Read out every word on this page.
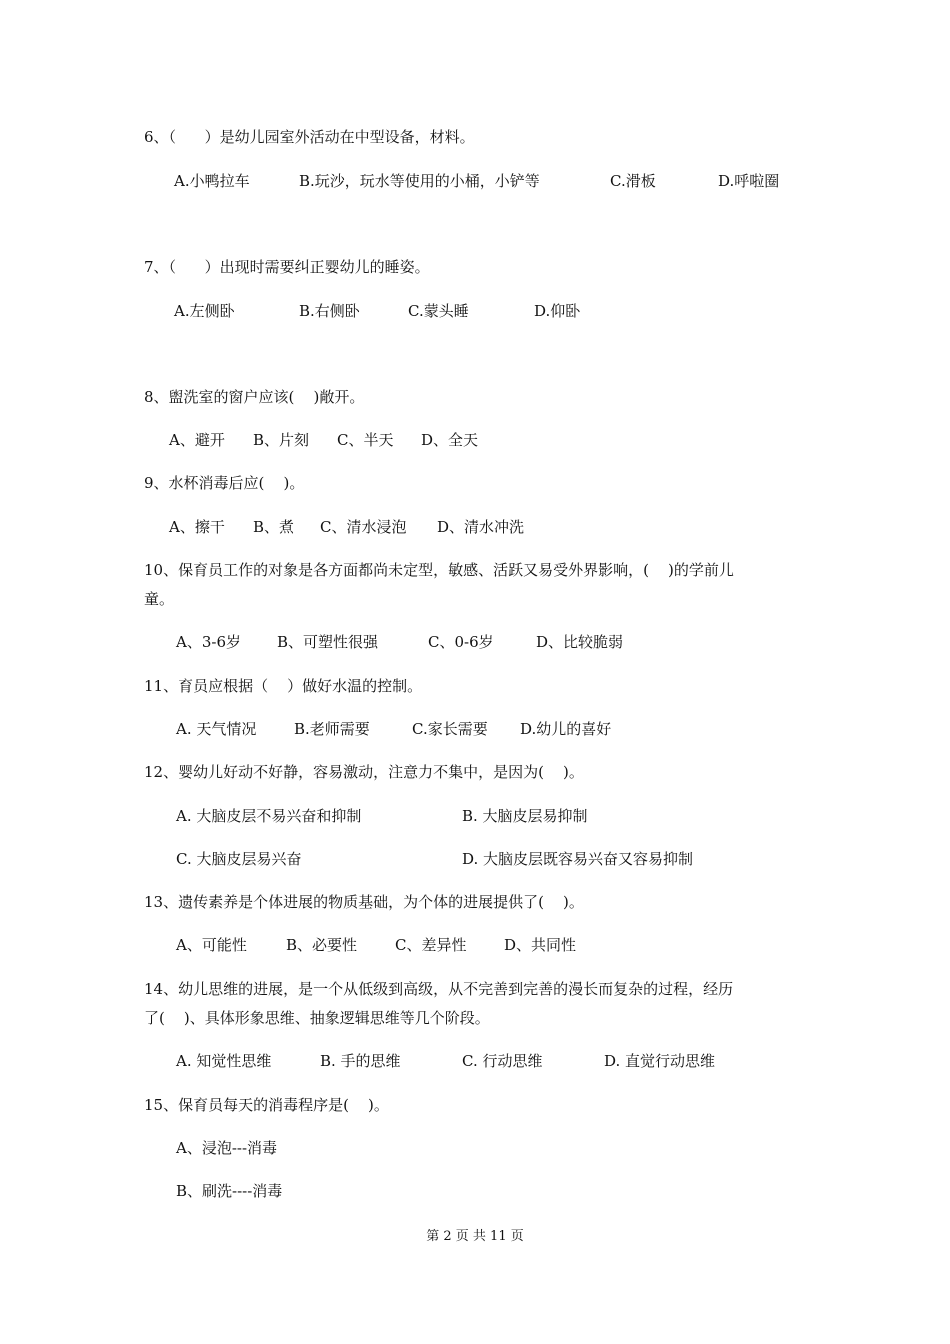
6、（      ）是幼儿园室外活动在中型设备，材料。

A.小鸭拉车	B.玩沙，玩水等使用的小桶，小铲等	C.滑板	D.呼啦圈

7、（      ）出现时需要纠正婴幼儿的睡姿。

A.左侧卧	B.右侧卧	C.蒙头睡	D.仰卧

8、盥洗室的窗户应该(    )敞开。

A、避开 B、片刻 C、半天 D、全天

9、水杯消毒后应(    )。

A、擦干 B、煮 C、清水浸泡 D、清水冲洗

10、保育员工作的对象是各方面都尚未定型，敏感、活跃又易受外界影响，(    )的学前儿

童。

A、3-6岁 B、可塑性很强	C、0-6岁	D、比较脆弱

11、育员应根据（    ）做好水温的控制。

A. 天气情况	B.老师需要	C.家长需要 D.幼儿的喜好

12、婴幼儿好动不好静，容易激动，注意力不集中，是因为(    )。

A. 大脑皮层不易兴奋和抑制	B. 大脑皮层易抑制

C. 大脑皮层易兴奋	D. 大脑皮层既容易兴奋又容易抑制

13、遗传素养是个体进展的物质基础，为个体的进展提供了(    )。

A、可能性	B、必要性	C、差异性	D、共同性

14、幼儿思维的进展，是一个从低级到高级，从不完善到完善的漫长而复杂的过程，经历

了(    )、具体形象思维、抽象逻辑思维等几个阶段。

A. 知觉性思维	B. 手的思维	C. 行动思维	D. 直觉行动思维

15、保育员每天的消毒程序是(    )。

A、浸泡---消毒

B、刷洗----消毒

第 2 页 共 11 页
